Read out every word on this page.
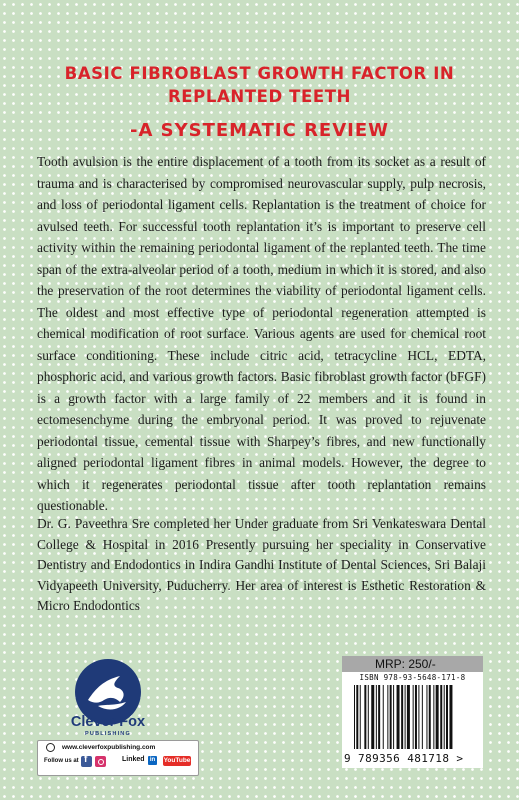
BASIC FIBROBLAST GROWTH FACTOR IN
REPLANTED TEETH
-A SYSTEMATIC REVIEW

Tooth avulsion is the entire displacement of a tooth from its socket as a result of trauma and is characterised by compromised neurovascular supply, pulp necrosis, and loss of periodontal ligament cells. Replantation is the treatment of choice for avulsed teeth. For successful tooth replantation it’s is important to preserve cell activity within the remaining periodontal ligament of the replanted teeth. The time span of the extra-alveolar period of a tooth, medium in which it is stored, and also the preservation of the root determines the viability of periodontal ligament cells. The oldest and most effective type of periodontal regeneration attempted is chemical modification of root surface. Various agents are used for chemical root surface conditioning. These include citric acid, tetracycline HCL, EDTA, phosphoric acid, and various growth factors. Basic fibroblast growth factor (bFGF) is a growth factor with a large family of 22 members and it is found in ectomesenchyme during the embryonal period. It was proved to rejuvenate periodontal tissue, cemental tissue with Sharpey’s fibres, and new functionally aligned periodontal ligament fibres in animal models. However, the degree to which it regenerates periodontal tissue after tooth replantation remains questionable.

Dr. G. Paveethra Sre completed her Under graduate from Sri Venkateswara Dental College & Hospital in 2016 Presently pursuing her speciality in Conservative Dentistry and Endodontics in Indira Gandhi Institute of Dental Sciences, Sri Balaji Vidyapeeth University, Puducherry. Her area of interest is Esthetic Restoration & Micro Endodontics

Clever Fox
PUBLISHING
www.cleverfoxpublishing.com
Follow us at
f	Linked in YouTube
MRP: 250/-
ISBN 978-93-5648-171-8
9 789356 481718 >
